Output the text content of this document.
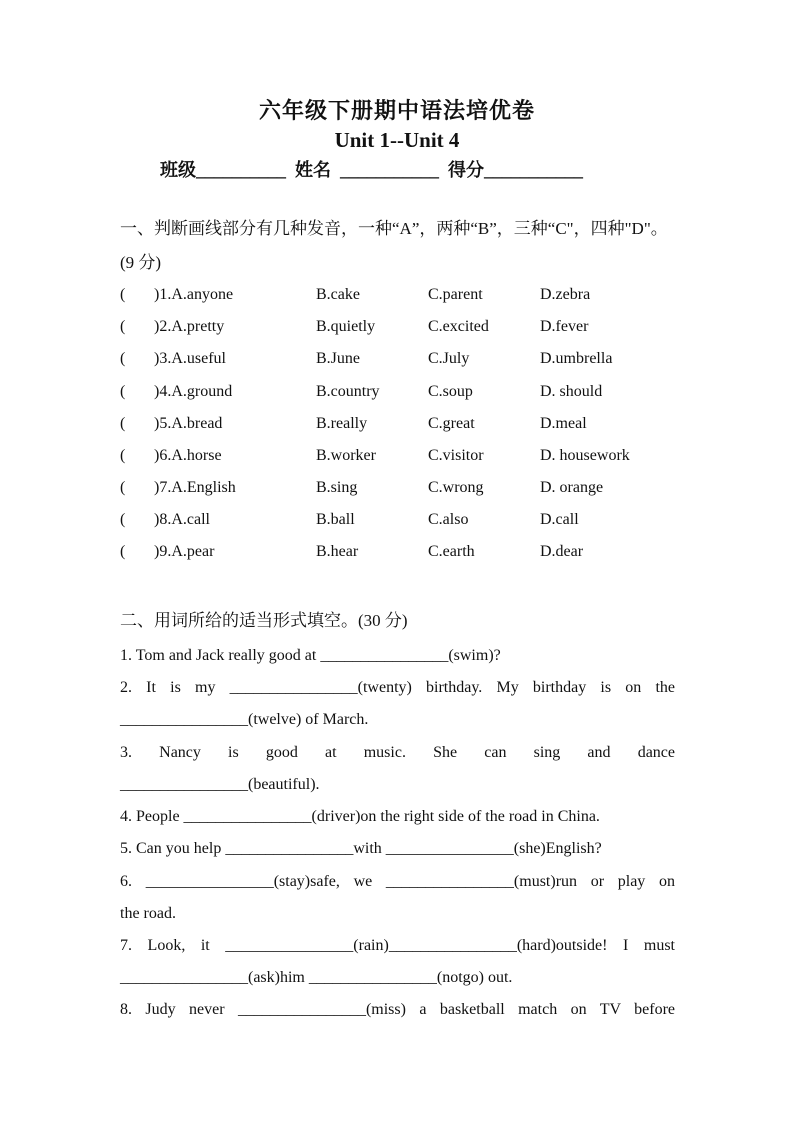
六年级下册期中语法培优卷
Unit 1--Unit 4
班级__________  姓名  ___________  得分___________
一、判断画线部分有几种发音，一种“A”，两种“B”，三种“C"，四种"D"。(9 分)
( )1.A.anyone	B.cake	C.parent	D.zebra
( )2.A.pretty	B.quietly	C.excited	D.fever
( )3.A.useful	B.June	C.July	D.umbrella
( )4.A.ground	B.country	C.soup	D. should
( )5.A.bread	B.really	C.great	D.meal
( )6.A.horse	B.worker	C.visitor	D. housework
( )7.A.English	B.sing	C.wrong	D. orange
( )8.A.call	B.ball	C.also	D.call
( )9.A.pear	B.hear	C.earth	D.dear
二、用词所给的适当形式填空。(30 分)
1. Tom and Jack really good at ________________(swim)?
2. It is my ________________(twenty) birthday. My birthday is on the
________________(twelve) of March.
3. Nancy is good at music. She can sing and dance
________________(beautiful).
4. People ________________(driver)on the right side of the road in China.
5. Can you help ________________with ________________(she)English?
6. ________________(stay)safe, we ________________(must)run or play on
the road.
7. Look, it ________________(rain)________________(hard)outside! I must
________________(ask)him ________________(notgo) out.
8. Judy never ________________(miss) a basketball match on TV before
